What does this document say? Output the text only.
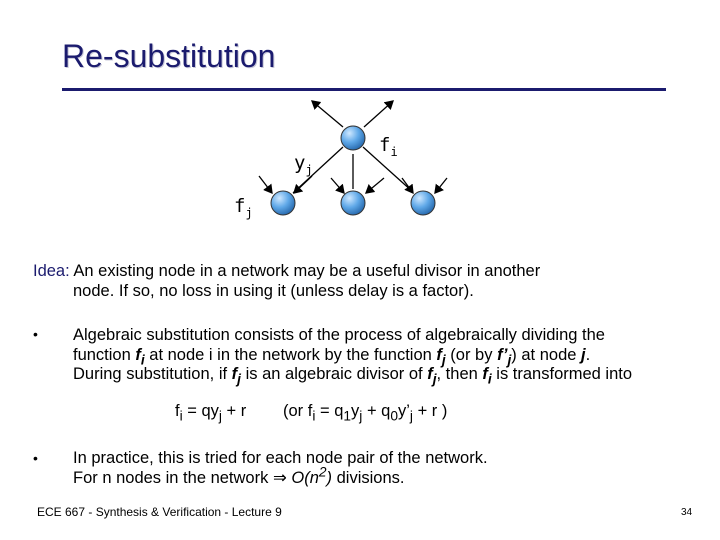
Re-substitution
$y_j$
$f_i$
$f_j$
Idea: An existing node in a network may be a useful divisor in another
node. If so, no loss in using it (unless delay is a factor).
• Algebraic substitution consists of the process of algebraically dividing the
function $f_i$ at node i in the network by the function $f_j$ (or by $f’_j$) at node j.
During substitution, if $f_j$ is an algebraic divisor of $f_j$, then $f_i$ is transformed into
$f_i = qy_j + r$ (or $f_i = q_1y_j$ + $q_0y’_j + r$ )
• In practice, this is tried for each node pair of the network.
For n nodes in the network ⇒ $O(n^2)$ divisions.
ECE 667 - Synthesis & Verification - Lecture 9	34
